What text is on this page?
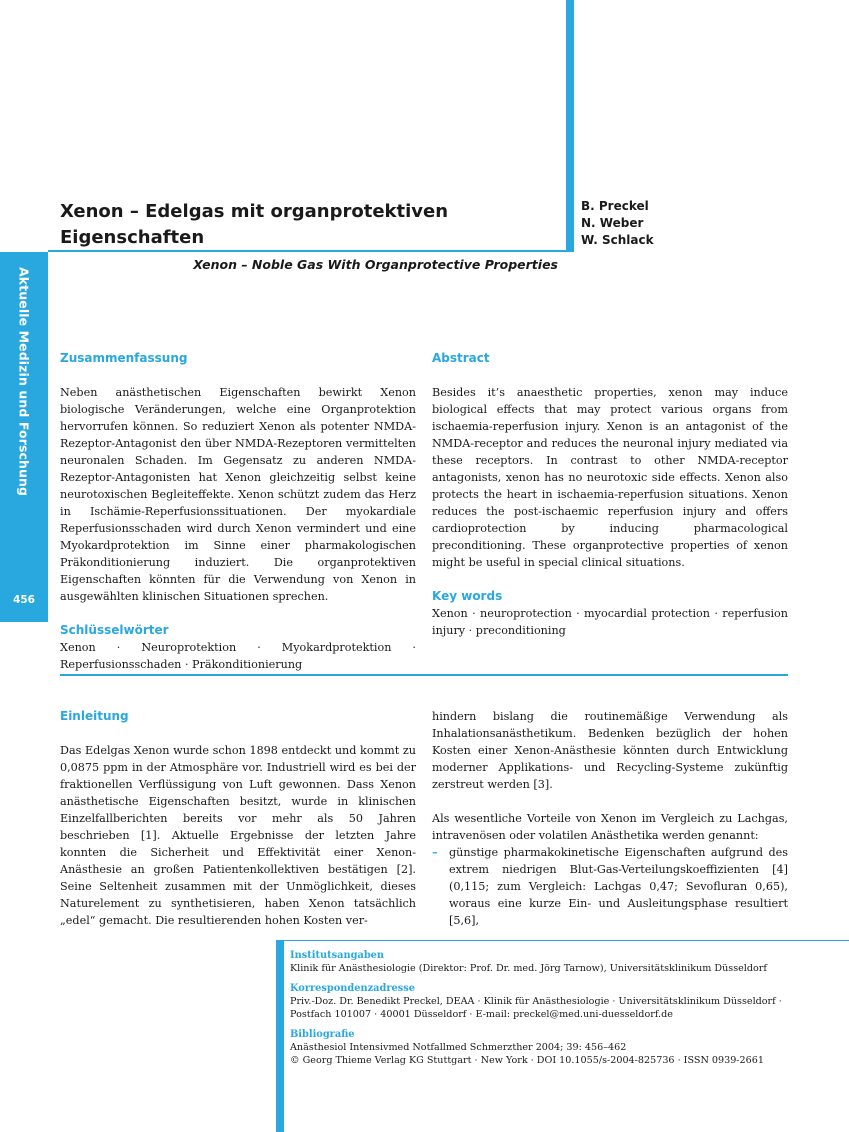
Aktuelle Medizin und Forschung
456
Xenon – Edelgas mit organprotektiven
Eigenschaften
B. Preckel
N. Weber
W. Schlack
Xenon – Noble Gas With Organprotective Properties
Zusammenfassung

Neben anästhetischen Eigenschaften bewirkt Xenon biologische Veränderungen, welche eine Organprotektion hervorrufen können. So reduziert Xenon als potenter NMDA-Rezeptor-Antagonist den über NMDA-Rezeptoren vermittelten neuronalen Schaden. Im Gegensatz zu anderen NMDA-Rezeptor-Antagonisten hat Xenon gleichzeitig selbst keine neurotoxischen Begleiteffekte. Xenon schützt zudem das Herz in Ischämie-Reperfusionssituationen. Der myokardiale Reperfusionsschaden wird durch Xenon vermindert und eine Myokardprotektion im Sinne einer pharmakologischen Präkonditionierung induziert. Die organprotektiven Eigenschaften könnten für die Verwendung von Xenon in ausgewählten klinischen Situationen sprechen.

Schlüsselwörter

Xenon · Neuroprotektion · Myokardprotektion · Reperfusionsschaden · Präkonditionierung

Abstract

Besides it’s anaesthetic properties, xenon may induce biological effects that may protect various organs from ischaemia-reperfusion injury. Xenon is an antagonist of the NMDA-receptor and reduces the neuronal injury mediated via these receptors. In contrast to other NMDA-receptor antagonists, xenon has no neurotoxic side effects. Xenon also protects the heart in ischaemia-reperfusion situations. Xenon reduces the post-ischaemic reperfusion injury and offers cardioprotection by inducing pharmacological preconditioning. These organprotective properties of xenon might be useful in special clinical situations.

Key words

Xenon · neuroprotection · myocardial protection · reperfusion injury · preconditioning

Einleitung

Das Edelgas Xenon wurde schon 1898 entdeckt und kommt zu 0,0875 ppm in der Atmosphäre vor. Industriell wird es bei der fraktionellen Verflüssigung von Luft gewonnen. Dass Xenon anästhetische Eigenschaften besitzt, wurde in klinischen Einzelfallberichten bereits vor mehr als 50 Jahren beschrieben [1]. Aktuelle Ergebnisse der letzten Jahre konnten die Sicherheit und Effektivität einer Xenon-Anästhesie an großen Patientenkollektiven bestätigen [2]. Seine Seltenheit zusammen mit der Unmöglichkeit, dieses Naturelement zu synthetisieren, haben Xenon tatsächlich „edel“ gemacht. Die resultierenden hohen Kosten ver-

hindern bislang die routinemäßige Verwendung als Inhalationsanästhetikum. Bedenken bezüglich der hohen Kosten einer Xenon-Anästhesie könnten durch Entwicklung moderner Applikations- und Recycling-Systeme zukünftig zerstreut werden [3].

Als wesentliche Vorteile von Xenon im Vergleich zu Lachgas, intravenösen oder volatilen Anästhetika werden genannt:

– günstige pharmakokinetische Eigenschaften aufgrund des extrem niedrigen Blut-Gas-Verteilungskoeffizienten [4] (0,115; zum Vergleich: Lachgas 0,47; Sevofluran 0,65), woraus eine kurze Ein- und Ausleitungsphase resultiert [5,6],

Institutsangaben

Klinik für Anästhesiologie (Direktor: Prof. Dr. med. Jörg Tarnow), Universitätsklinikum Düsseldorf

Korrespondenzadresse

Priv.-Doz. Dr. Benedikt Preckel, DEAA · Klinik für Anästhesiologie · Universitätsklinikum Düsseldorf ·

Postfach 101007 · 40001 Düsseldorf · E-mail: preckel@med.uni-duesseldorf.de

Bibliografie

Anästhesiol Intensivmed Notfallmed Schmerzther 2004; 39: 456–462

© Georg Thieme Verlag KG Stuttgart · New York · DOI 10.1055/s-2004-825736 · ISSN 0939-2661
